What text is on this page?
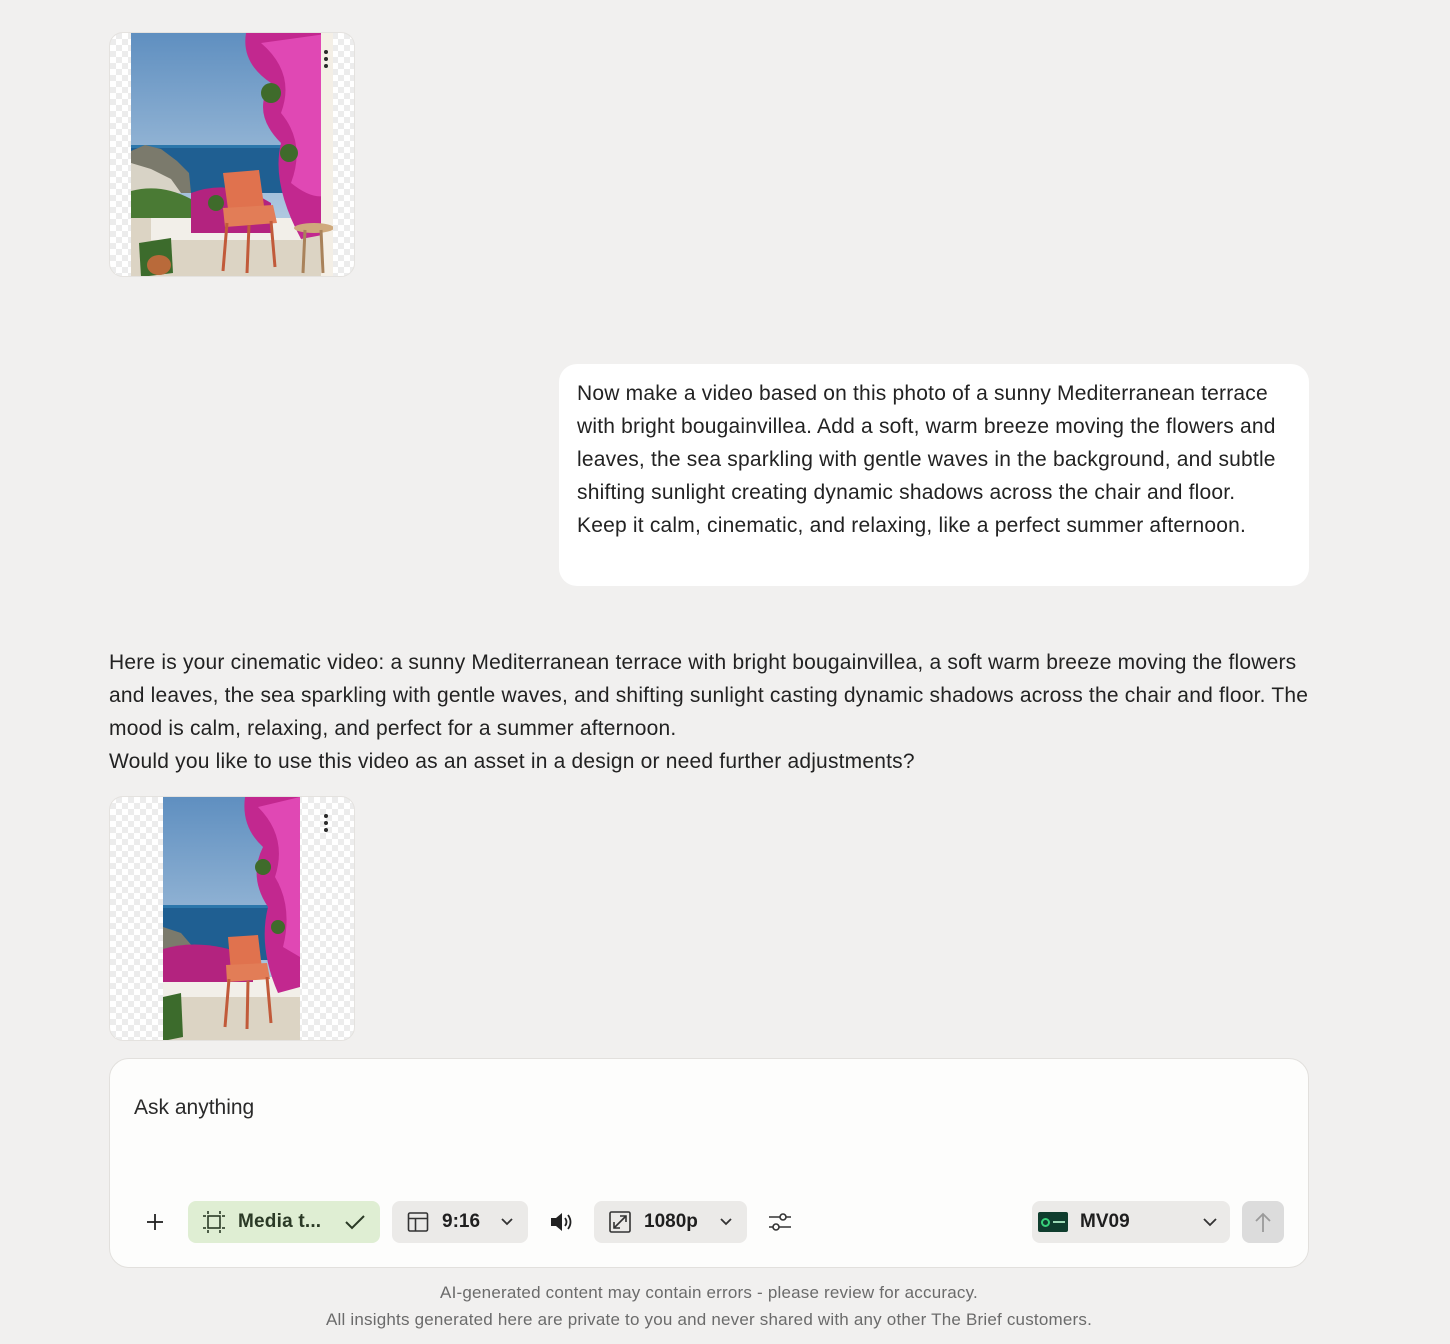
Now make a video based on this photo of a sunny Mediterranean terrace with bright bougainvillea. Add a soft, warm breeze moving the flowers and leaves, the sea sparkling with gentle waves in the background, and subtle shifting sunlight creating dynamic shadows across the chair and floor. Keep it calm, cinematic, and relaxing, like a perfect summer afternoon.
Here is your cinematic video: a sunny Mediterranean terrace with bright bougainvillea, a soft warm breeze moving the flowers and leaves, the sea sparkling with gentle waves, and shifting sunlight casting dynamic shadows across the chair and floor. The mood is calm, relaxing, and perfect for a summer afternoon.
Would you like to use this video as an asset in a design or need further adjustments?
Ask anything
Media t...	9:16	1080p	MV09
AI-generated content may contain errors - please review for accuracy.
All insights generated here are private to you and never shared with any other The Brief customers.
